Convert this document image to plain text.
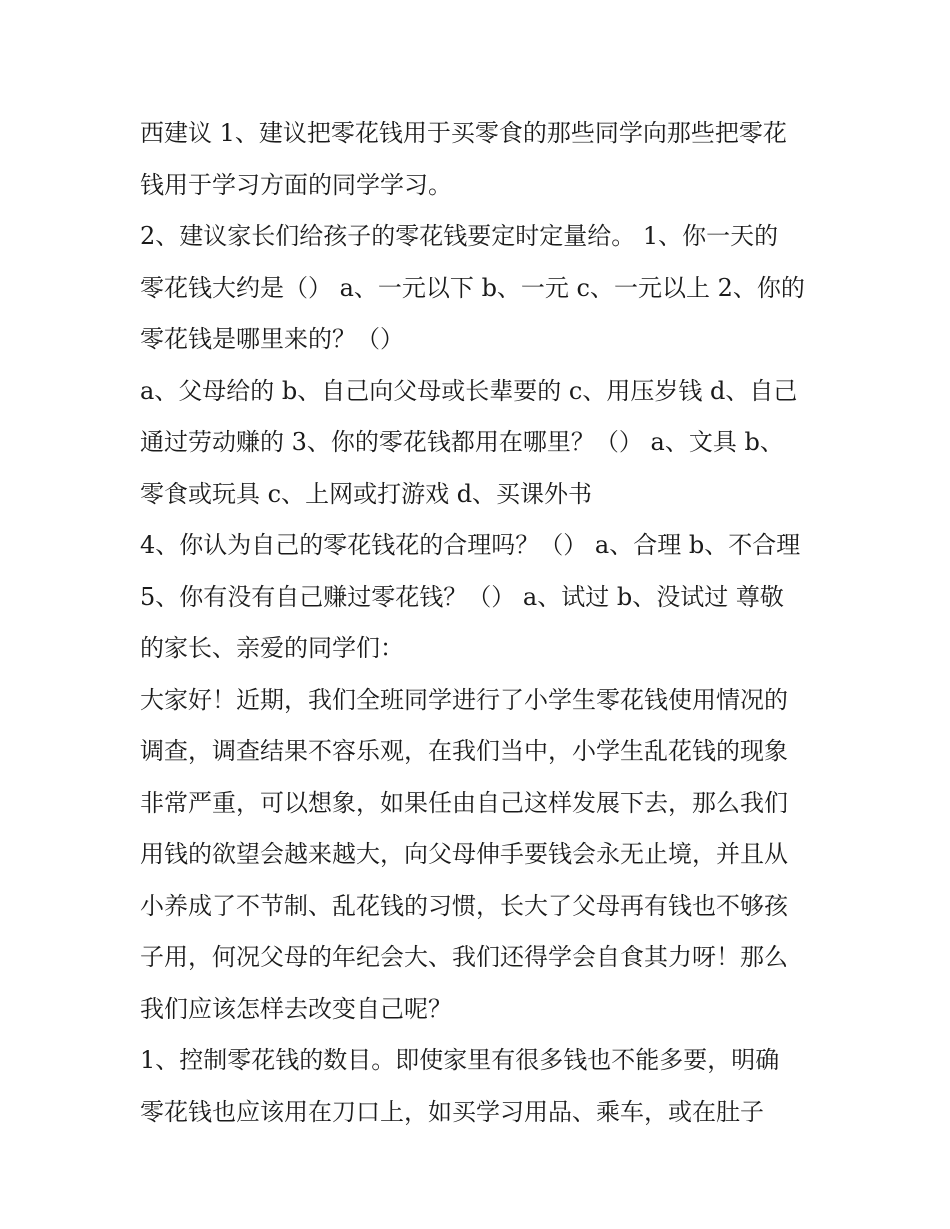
西建议 1、建议把零花钱用于买零食的那些同学向那些把零花
钱用于学习方面的同学学习。
2、建议家长们给孩子的零花钱要定时定量给。 1、你一天的
零花钱大约是（） a、一元以下 b、一元 c、一元以上 2、你的
零花钱是哪里来的？（）
a、父母给的 b、自己向父母或长辈要的 c、用压岁钱 d、自己
通过劳动赚的 3、你的零花钱都用在哪里？（） a、文具 b、
零食或玩具 c、上网或打游戏 d、买课外书
4、你认为自己的零花钱花的合理吗？（） a、合理 b、不合理
5、你有没有自己赚过零花钱？（） a、试过 b、没试过 尊敬
的家长、亲爱的同学们：
大家好！近期，我们全班同学进行了小学生零花钱使用情况的
调查，调查结果不容乐观，在我们当中，小学生乱花钱的现象
非常严重，可以想象，如果任由自己这样发展下去，那么我们
用钱的欲望会越来越大，向父母伸手要钱会永无止境，并且从
小养成了不节制、乱花钱的习惯，长大了父母再有钱也不够孩
子用，何况父母的年纪会大、我们还得学会自食其力呀！那么
我们应该怎样去改变自己呢？
1、控制零花钱的数目。即使家里有很多钱也不能多要，明确
零花钱也应该用在刀口上，如买学习用品、乘车，或在肚子
